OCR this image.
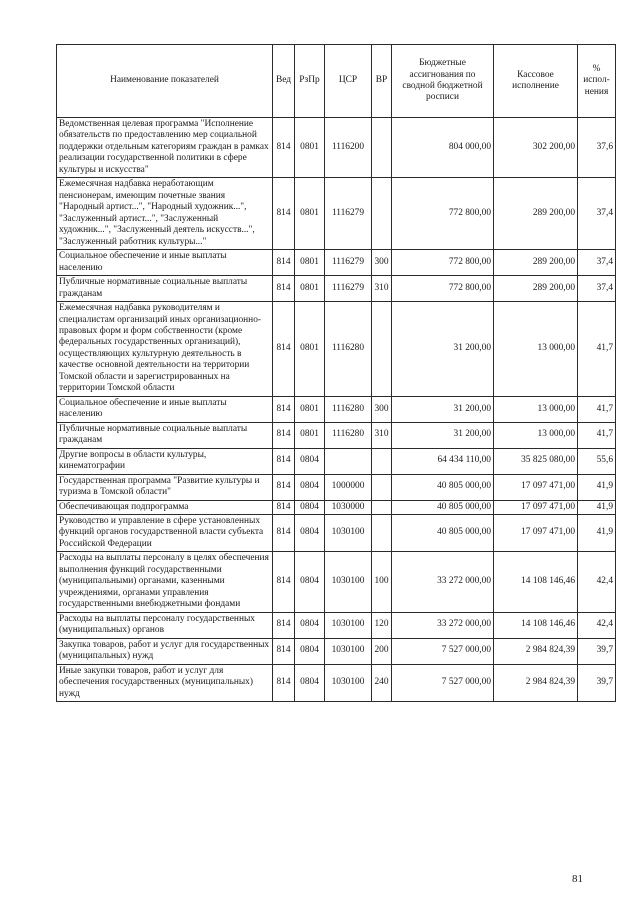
Наименование показателей	Вед	РзПр	ЦСР	ВР	Бюджетные ассигнования по сводной бюджетной росписи	Кассовое исполнение	% испол-нения
Ведомственная целевая программа "Исполнение обязательств по предоставлению мер социальной поддержки отдельным категориям граждан в рамках реализации государственной политики в сфере культуры и искусства"	814	0801	1116200		804 000,00	302 200,00	37,6
Ежемесячная надбавка неработающим пенсионерам, имеющим почетные звания "Народный артист...", "Народный художник...", "Заслуженный артист...", "Заслуженный художник...", "Заслуженный деятель искусств...", "Заслуженный работник культуры..."	814	0801	1116279		772 800,00	289 200,00	37,4
Социальное обеспечение и иные выплаты населению	814	0801	1116279	300	772 800,00	289 200,00	37,4
Публичные нормативные социальные выплаты гражданам	814	0801	1116279	310	772 800,00	289 200,00	37,4
Ежемесячная надбавка руководителям и специалистам организаций иных организационно-правовых форм и форм собственности (кроме федеральных государственных организаций), осуществляющих культурную деятельность в качестве основной деятельности на территории Томской области и зарегистрированных на территории Томской области	814	0801	1116280		31 200,00	13 000,00	41,7
Социальное обеспечение и иные выплаты населению	814	0801	1116280	300	31 200,00	13 000,00	41,7
Публичные нормативные социальные выплаты гражданам	814	0801	1116280	310	31 200,00	13 000,00	41,7
Другие вопросы в области культуры, кинематографии	814	0804			64 434 110,00	35 825 080,00	55,6
Государственная программа "Развитие культуры и туризма в Томской области"	814	0804	1000000		40 805 000,00	17 097 471,00	41,9
Обеспечивающая подпрограмма	814	0804	1030000		40 805 000,00	17 097 471,00	41,9
Руководство и управление в сфере установленных функций органов государственной власти субъекта Российской Федерации	814	0804	1030100		40 805 000,00	17 097 471,00	41,9
Расходы на выплаты персоналу в целях обеспечения выполнения функций государственными (муниципальными) органами, казенными учреждениями, органами управления государственными внебюджетными фондами	814	0804	1030100	100	33 272 000,00	14 108 146,46	42,4
Расходы на выплаты персоналу государственных (муниципальных) органов	814	0804	1030100	120	33 272 000,00	14 108 146,46	42,4
Закупка товаров, работ и услуг для государственных (муниципальных) нужд	814	0804	1030100	200	7 527 000,00	2 984 824,39	39,7
Иные закупки товаров, работ и услуг для обеспечения государственных (муниципальных) нужд	814	0804	1030100	240	7 527 000,00	2 984 824,39	39,7
81
